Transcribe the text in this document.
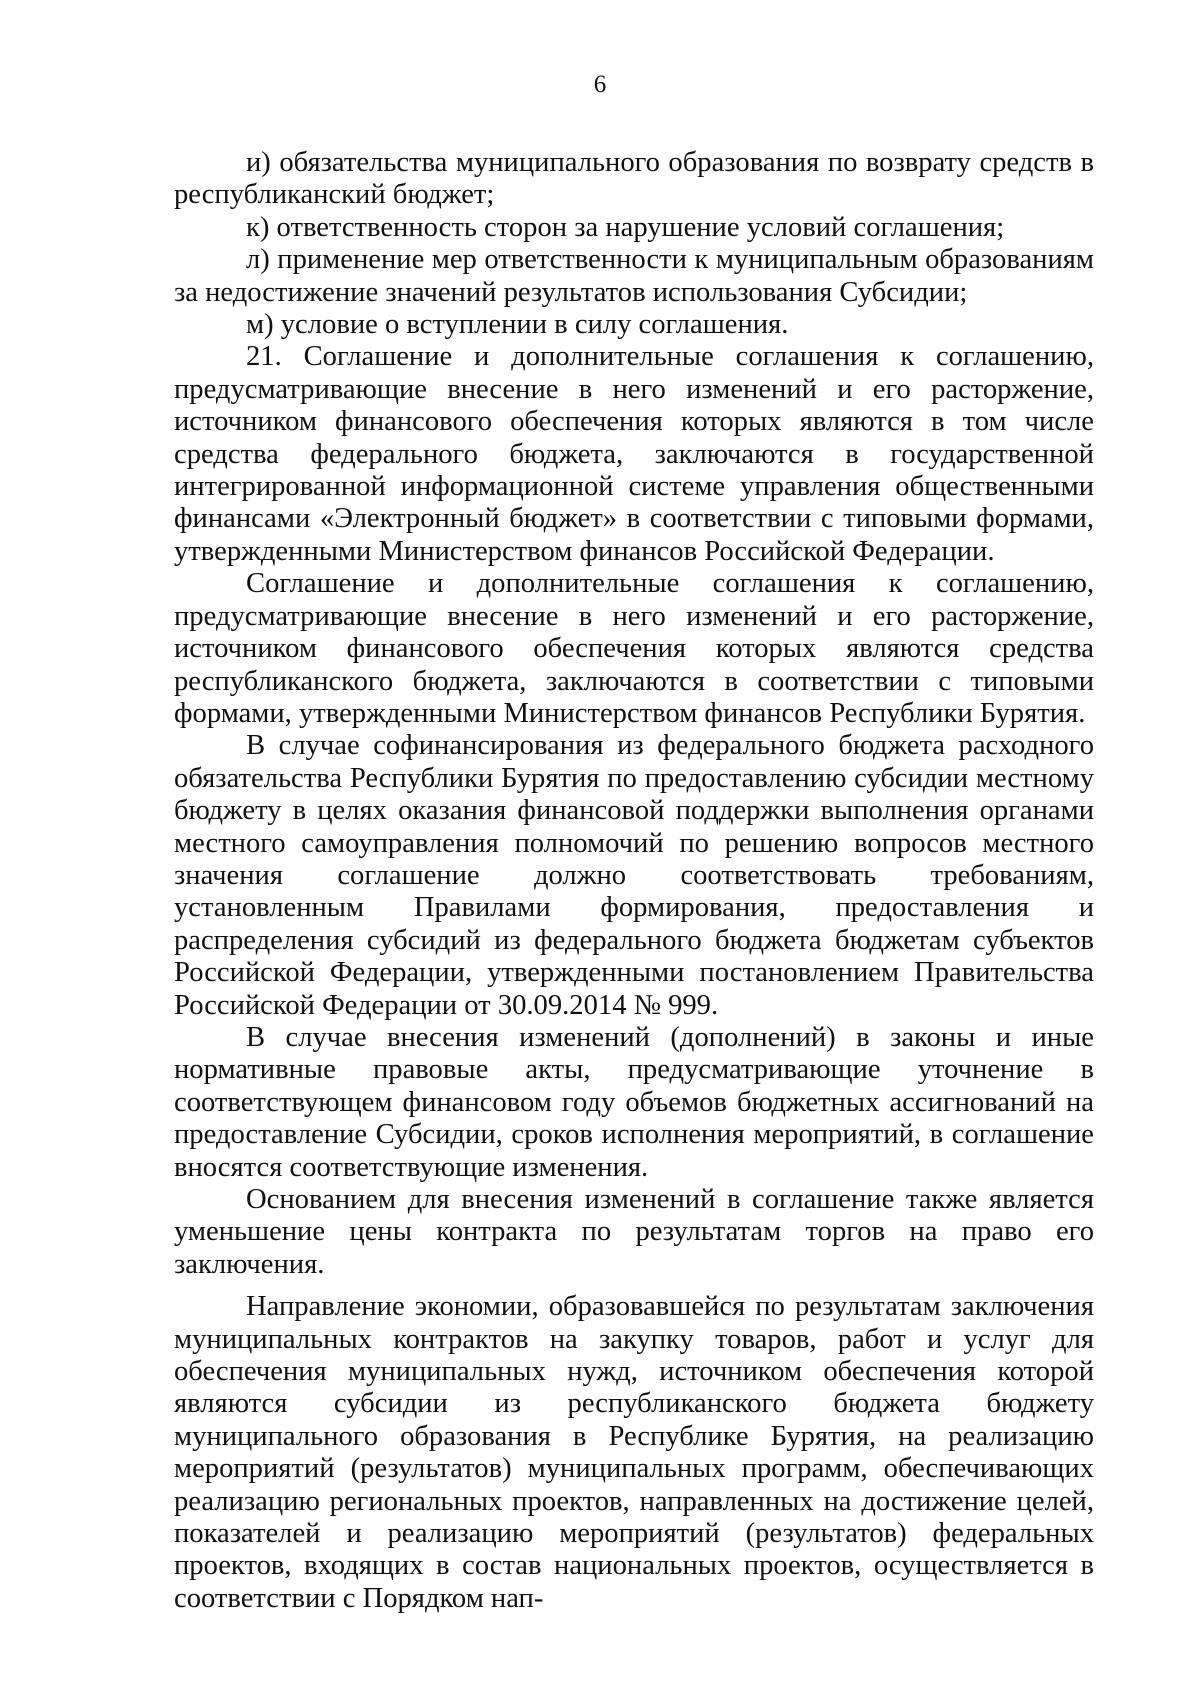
6

и) обязательства муниципального образования по возврату средств в республиканский бюджет;

к) ответственность сторон за нарушение условий соглашения;

л) применение мер ответственности к муниципальным образованиям за недостижение значений результатов использования Субсидии;

м) условие о вступлении в силу соглашения.

21. Соглашение и дополнительные соглашения к соглашению, предусматривающие внесение в него изменений и его расторжение, источником финансового обеспечения которых являются в том числе средства федерального бюджета, заключаются в государственной интегрированной информационной системе управления общественными финансами «Электронный бюджет» в соответствии с типовыми формами, утвержденными Министерством финансов Российской Федерации.

Соглашение и дополнительные соглашения к соглашению, предусматривающие внесение в него изменений и его расторжение, источником финансового обеспечения которых являются средства республиканского бюджета, заключаются в соответствии с типовыми формами, утвержденными Министерством финансов Республики Бурятия.

В случае софинансирования из федерального бюджета расходного обязательства Республики Бурятия по предоставлению субсидии местному бюджету в целях оказания финансовой поддержки выполнения органами местного самоуправления полномочий по решению вопросов местного значения соглашение должно соответствовать требованиям, установленным Правилами формирования, предоставления и распределения субсидий из федерального бюджета бюджетам субъектов Российской Федерации, утвержденными постановлением Правительства Российской Федерации от 30.09.2014 № 999.

В случае внесения изменений (дополнений) в законы и иные нормативные правовые акты, предусматривающие уточнение в соответствующем финансовом году объемов бюджетных ассигнований на предоставление Субсидии, сроков исполнения мероприятий, в соглашение вносятся соответствующие изменения.

Основанием для внесения изменений в соглашение также является уменьшение цены контракта по результатам торгов на право его заключения.

Направление экономии, образовавшейся по результатам заключения муниципальных контрактов на закупку товаров, работ и услуг для обеспечения муниципальных нужд, источником обеспечения которой являются субсидии из республиканского бюджета бюджету муниципального образования в Республике Бурятия, на реализацию мероприятий (результатов) муниципальных программ, обеспечивающих реализацию региональных проектов, направленных на достижение целей, показателей и реализацию мероприятий (результатов) федеральных проектов, входящих в состав национальных проектов, осуществляется в соответствии с Порядком нап-
